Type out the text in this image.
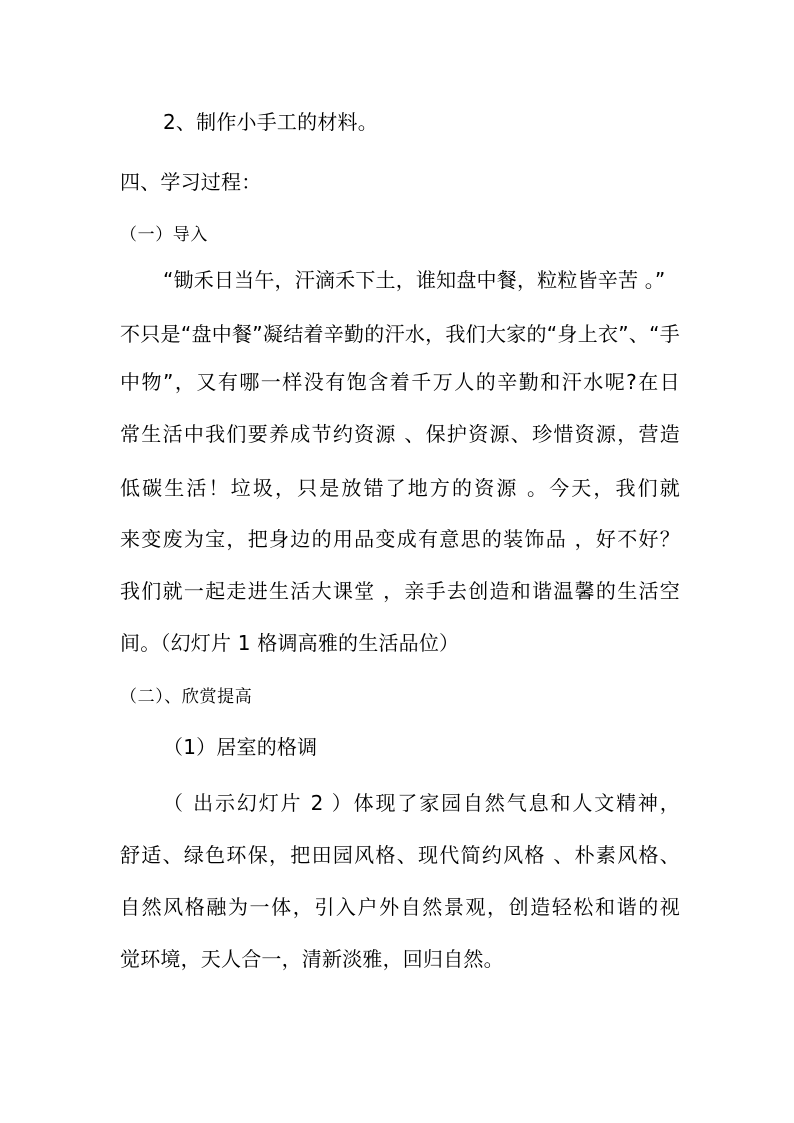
2、制作小手工的材料。
四、学习过程：
（一）导入
“锄禾日当午，汗滴禾下土，谁知盘中餐，粒粒皆辛苦 。”
不只是“盘中餐”凝结着辛勤的汗水，我们大家的“身上衣”、“手
中物”，又有哪一样没有饱含着千万人的辛勤和汗水呢?在日
常生活中我们要养成节约资源 、保护资源、珍惜资源，营造
低碳生活！垃圾，只是放错了地方的资源 。今天，我们就
来变废为宝，把身边的用品变成有意思的装饰品 ，好不好？
我们就一起走进生活大课堂 ，亲手去创造和谐温馨的生活空
间。（幻灯片 1 格调高雅的生活品位）
（二）、欣赏提高
（1）居室的格调
（ 出示幻灯片 2 ）体现了家园自然气息和人文精神，
舒适、绿色环保，把田园风格、现代简约风格 、朴素风格、
自然风格融为一体，引入户外自然景观，创造轻松和谐的视
觉环境，天人合一，清新淡雅，回归自然。
